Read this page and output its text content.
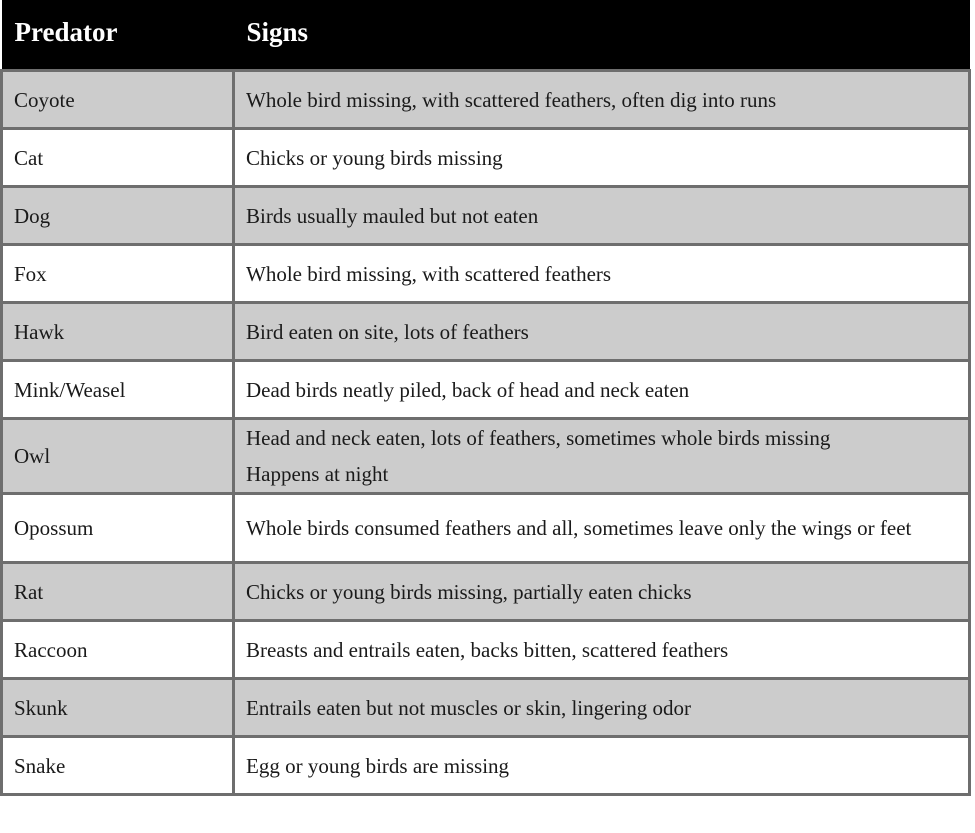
Predator	Signs
Coyote	Whole bird missing, with scattered feathers, often dig into runs

Cat	Chicks or young birds missing

Dog	Birds usually mauled but not eaten

Fox	Whole bird missing, with scattered feathers

Hawk	Bird eaten on site, lots of feathers

Mink/Weasel	Dead birds neatly piled, back of head and neck eaten

Owl	Head and neck eaten, lots of feathers, sometimes whole birds missing
Happens at night

Opossum	Whole birds consumed feathers and all, sometimes leave only the wings or feet

Rat	Chicks or young birds missing, partially eaten chicks

Raccoon	Breasts and entrails eaten, backs bitten, scattered feathers

Skunk	Entrails eaten but not muscles or skin, lingering odor

Snake	Egg or young birds are missing
